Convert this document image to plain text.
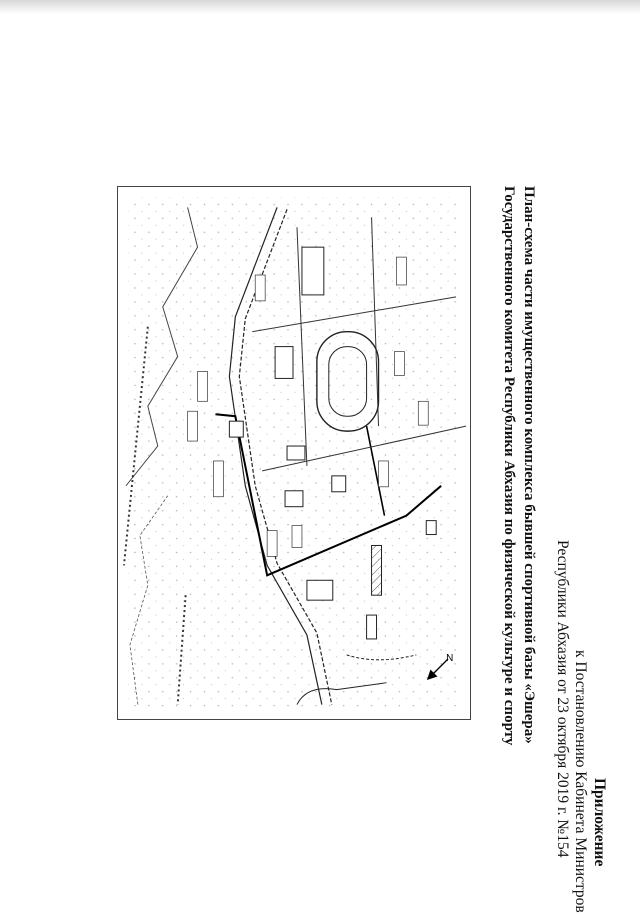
Приложение
к Постановлению Кабинета Министров
Республики Абхазия от 23 октября 2019 г. №154
План-схема части имущественного комплекса бывшей спортивной базы «Эшера»
Государственного комитета Республики Абхазия по физической культуре и спорту
N
